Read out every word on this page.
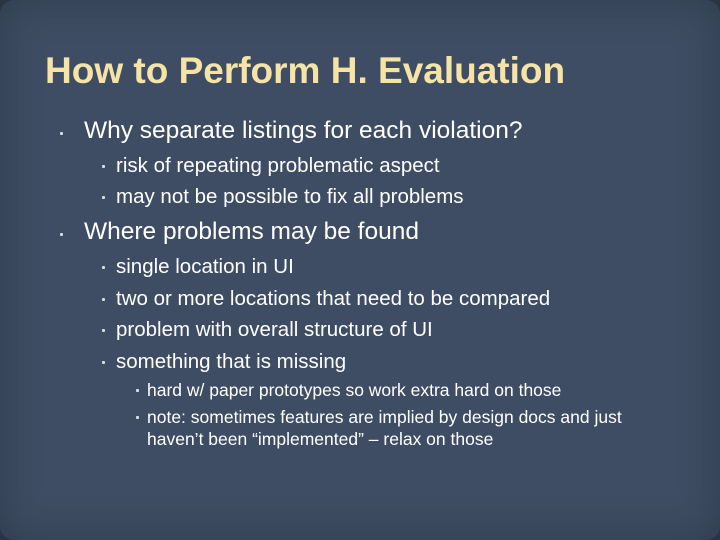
How to Perform H. Evaluation
Why separate listings for each violation?
risk of repeating problematic aspect
may not be possible to fix all problems
Where problems may be found
single location in UI
two or more locations that need to be compared
problem with overall structure of UI
something that is missing
hard w/ paper prototypes so work extra hard on those
note: sometimes features are implied by design docs and just
haven’t been “implemented” – relax on those
